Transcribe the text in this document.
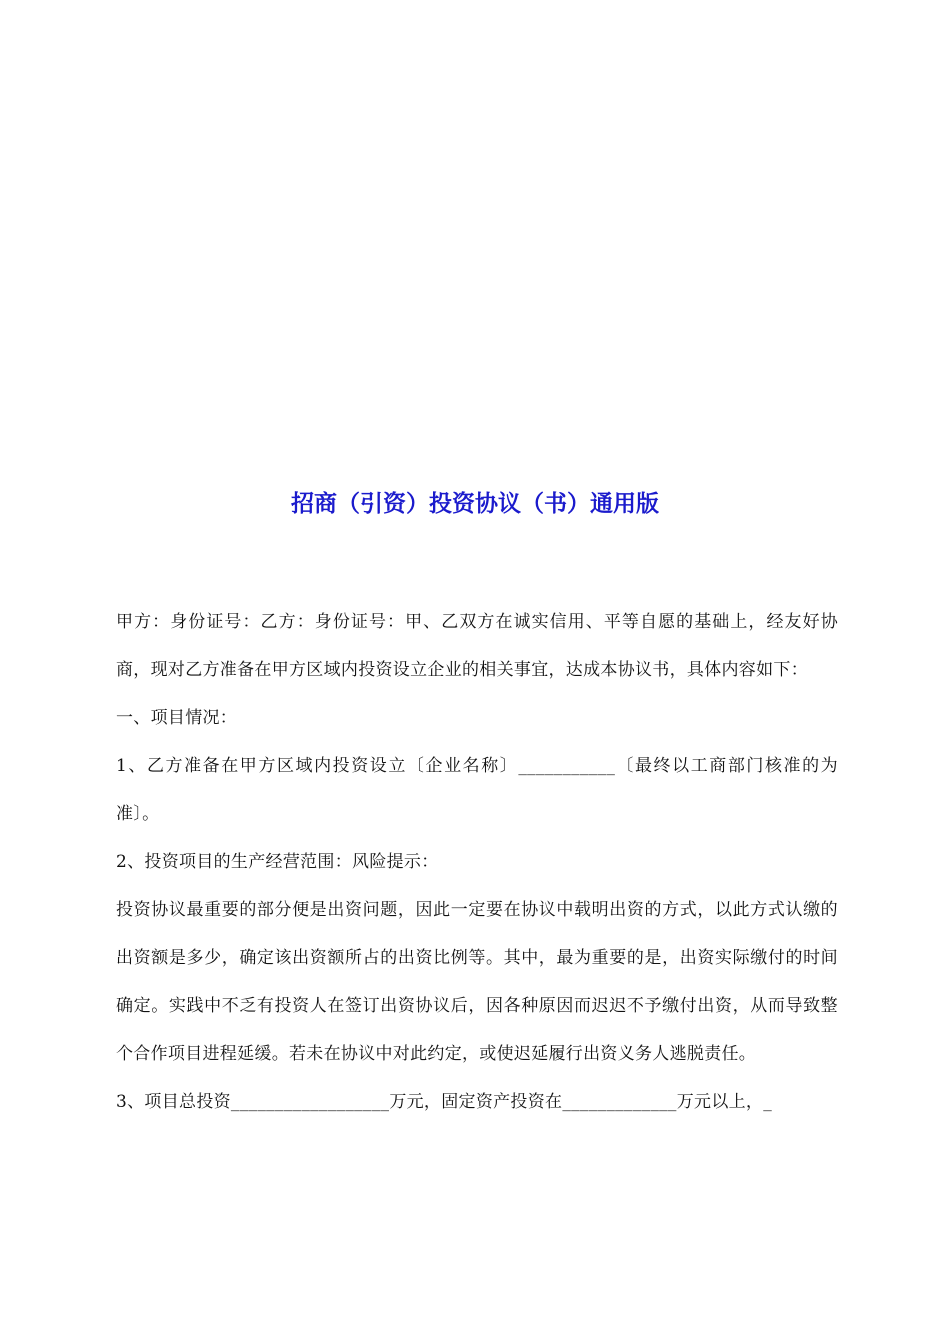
招商（引资）投资协议（书）通用版

甲方：身份证号：乙方：身份证号：甲、乙双方在诚实信用、平等自愿的基础上，经友好协商，现对乙方准备在甲方区域内投资设立企业的相关事宜，达成本协议书，具体内容如下：

一、项目情况：

1、乙方准备在甲方区域内投资设立〔企业名称〕___________〔最终以工商部门核准的为准〕。

2、投资项目的生产经营范围：风险提示：

投资协议最重要的部分便是出资问题，因此一定要在协议中载明出资的方式，以此方式认缴的出资额是多少，确定该出资额所占的出资比例等。其中，最为重要的是，出资实际缴付的时间确定。实践中不乏有投资人在签订出资协议后，因各种原因而迟迟不予缴付出资，从而导致整个合作项目进程延缓。若未在协议中对此约定，或使迟延履行出资义务人逃脱责任。

3、项目总投资__________________万元，固定资产投资在_____________万元以上，_
